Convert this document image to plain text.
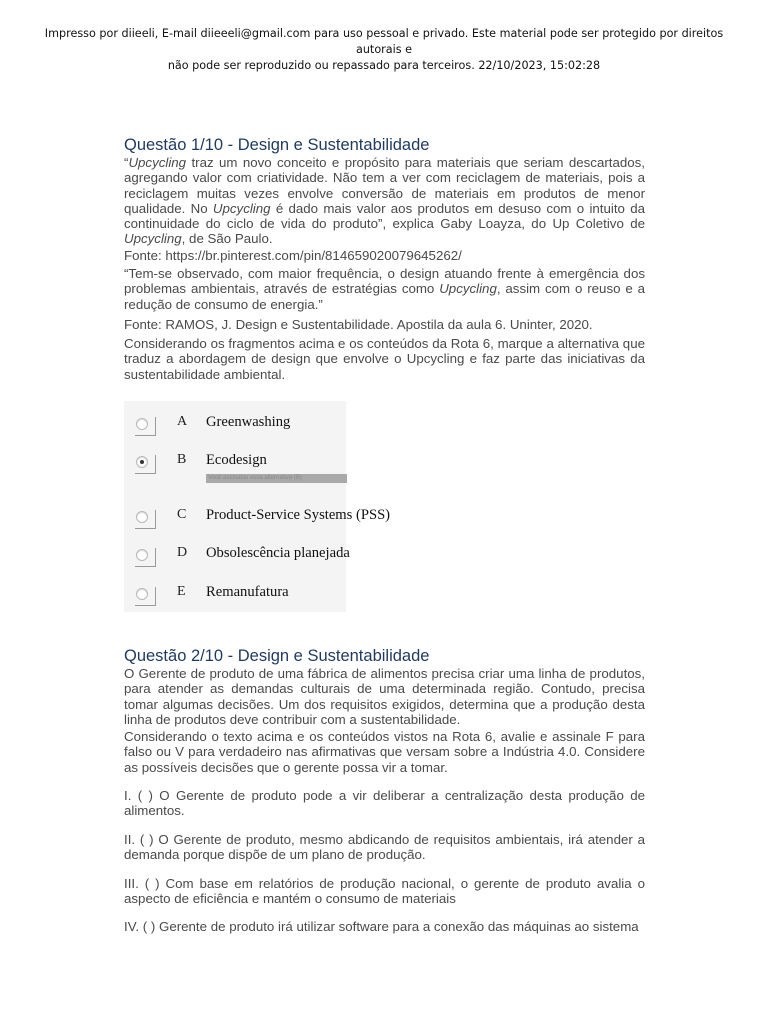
Impresso por diieeli, E-mail diieeeli@gmail.com para uso pessoal e privado. Este material pode ser protegido por direitos autorais e
não pode ser reproduzido ou repassado para terceiros. 22/10/2023, 15:02:28
Questão 1/10 - Design e Sustentabilidade
“Upcycling traz um novo conceito e propósito para materiais que seriam descartados, agregando valor com criatividade. Não tem a ver com reciclagem de materiais, pois a reciclagem muitas vezes envolve conversão de materiais em produtos de menor qualidade. No Upcycling é dado mais valor aos produtos em desuso com o intuito da continuidade do ciclo de vida do produto”, explica Gaby Loayza, do Up Coletivo de Upcycling, de São Paulo.
Fonte: https://br.pinterest.com/pin/814659020079645262/
“Tem-se observado, com maior frequência, o design atuando frente à emergência dos problemas ambientais, através de estratégias como Upcycling, assim com o reuso e a redução de consumo de energia.”
Fonte: RAMOS, J. Design e Sustentabilidade. Apostila da aula 6. Uninter, 2020.
Considerando os fragmentos acima e os conteúdos da Rota 6, marque a alternativa que traduz a abordagem de design que envolve o Upcycling e faz parte das iniciativas da sustentabilidade ambiental.
A Greenwashing
B Ecodesign
Você assinalou essa alternativa (B)
C Product-Service Systems (PSS)
D Obsolescência planejada
E Remanufatura
Questão 2/10 - Design e Sustentabilidade
O Gerente de produto de uma fábrica de alimentos precisa criar uma linha de produtos, para atender as demandas culturais de uma determinada região. Contudo, precisa tomar algumas decisões. Um dos requisitos exigidos, determina que a produção desta linha de produtos deve contribuir com a sustentabilidade.
Considerando o texto acima e os conteúdos vistos na Rota 6, avalie e assinale F para falso ou V para verdadeiro nas afirmativas que versam sobre a Indústria 4.0. Considere as possíveis decisões que o gerente possa vir a tomar.
I. ( ) O Gerente de produto pode a vir deliberar a centralização desta produção de alimentos.
II. ( ) O Gerente de produto, mesmo abdicando de requisitos ambientais, irá atender a demanda porque dispõe de um plano de produção.
III. ( ) Com base em relatórios de produção nacional, o gerente de produto avalia o aspecto de eficiência e mantém o consumo de materiais
IV. ( ) Gerente de produto irá utilizar software para a conexão das máquinas ao sistema
